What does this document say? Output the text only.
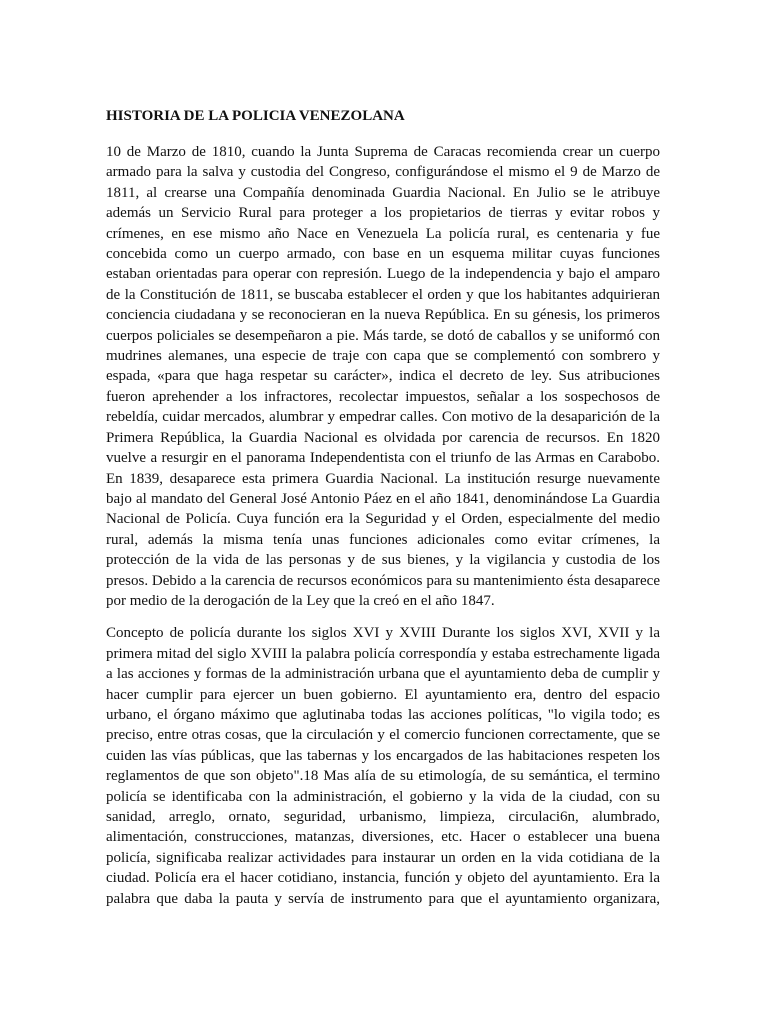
HISTORIA DE LA POLICIA VENEZOLANA

10 de Marzo de 1810, cuando la Junta Suprema de Caracas recomienda crear un cuerpo armado para la salva y custodia del Congreso, configurándose el mismo el 9 de Marzo de 1811, al crearse una Compañía denominada Guardia Nacional. En Julio se le atribuye además un Servicio Rural para proteger a los propietarios de tierras y evitar robos y crímenes, en ese mismo año Nace en Venezuela La policía rural, es centenaria y fue concebida como un cuerpo armado, con base en un esquema militar cuyas funciones estaban orientadas para operar con represión. Luego de la independencia y bajo el amparo de la Constitución de 1811, se buscaba establecer el orden y que los habitantes adquirieran conciencia ciudadana y se reconocieran en la nueva República. En su génesis, los primeros cuerpos policiales se desempeñaron a pie. Más tarde, se dotó de caballos y se uniformó con mudrines alemanes, una especie de traje con capa que se complementó con sombrero y espada, «para que haga respetar su carácter», indica el decreto de ley. Sus atribuciones fueron aprehender a los infractores, recolectar impuestos, señalar a los sospechosos de rebeldía, cuidar mercados, alumbrar y empedrar calles. Con motivo de la desaparición de la Primera República, la Guardia Nacional es olvidada por carencia de recursos. En 1820 vuelve a resurgir en el panorama Independentista con el triunfo de las Armas en Carabobo. En 1839, desaparece esta primera Guardia Nacional. La institución resurge nuevamente bajo al mandato del General José Antonio Páez en el año 1841, denominándose La Guardia Nacional de Policía. Cuya función era la Seguridad y el Orden, especialmente del medio rural, además la misma tenía unas funciones adicionales como evitar crímenes, la protección de la vida de las personas y de sus bienes, y la vigilancia y custodia de los presos. Debido a la carencia de recursos económicos para su mantenimiento ésta desaparece por medio de la derogación de la Ley que la creó en el año 1847.

Concepto de policía durante los siglos XVI y XVIII Durante los siglos XVI, XVII y la primera mitad del siglo XVIII la palabra policía correspondía y estaba estrechamente ligada a las acciones y formas de la administración urbana que el ayuntamiento deba de cumplir y hacer cumplir para ejercer un buen gobierno. El ayuntamiento era, dentro del espacio urbano, el órgano máximo que aglutinaba todas las acciones políticas, "lo vigila todo; es preciso, entre otras cosas, que la circulación y el comercio funcionen correctamente, que se cuiden las vías públicas, que las tabernas y los encargados de las habitaciones respeten los reglamentos de que son objeto".18 Mas alía de su etimología, de su semántica, el termino policía se identificaba con la administración, el gobierno y la vida de la ciudad, con su sanidad, arreglo, ornato, seguridad, urbanismo, limpieza, circulaci6n, alumbrado, alimentación, construcciones, matanzas, diversiones, etc. Hacer o establecer una buena policía, significaba realizar actividades para instaurar un orden en la vida cotidiana de la ciudad. Policía era el hacer cotidiano, instancia, función y objeto del ayuntamiento. Era la palabra que daba la pauta y servía de instrumento para que el ayuntamiento organizara,
